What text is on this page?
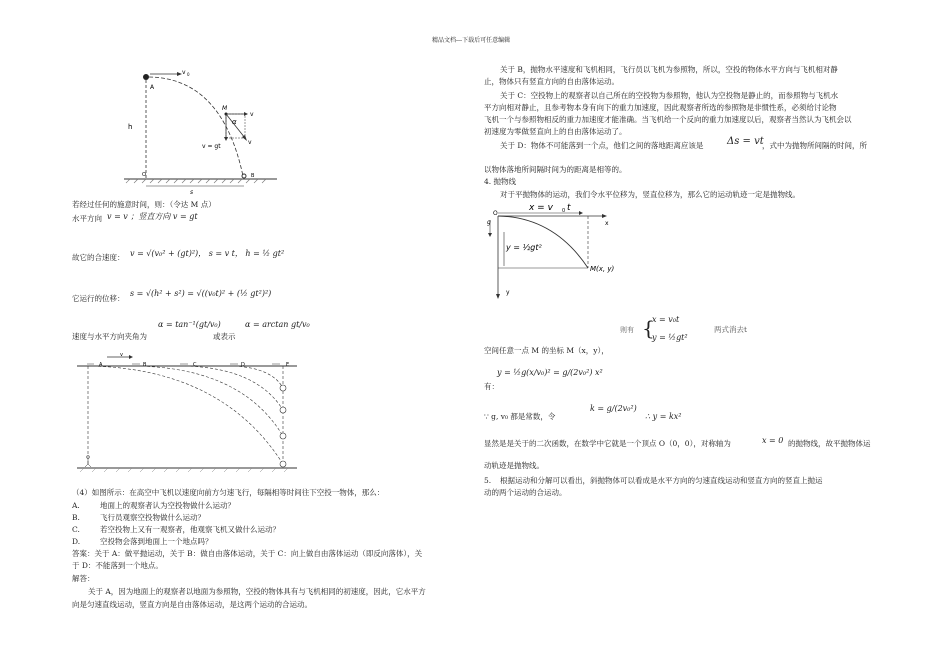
精品文档---下载后可任意编辑
v 0
A
h
M
α
v
v
v = gt
O
s
B
若经过任何的施意时间，则：（令达 M 点）
水平方向 v = v ；竖直方向 v = gt
故它的合速度： v = √(v₀² + (gt)²)， s = v t， h = ½ gt²
它运行的位移：
s = √(h² + s²) = √((v₀t)² + (½ gt²)²)
速度与水平方向夹角为
α = tan⁻¹(gt/v₀)
或表示
α = arctan gt/v₀
v
A	B	C	D	E
（4）如图所示：在高空中飞机以速度向前方匀速飞行，每隔相等时间往下空投一物体，那么：
A.	地面上的观察者认为空投物做什么运动？
B.	飞行员观察空投物做什么运动？
C.	若空投物上又有一观察者，他观察飞机又做什么运动？
D.	空投物会落到地面上一个地点吗？
答案：关于 A：做平抛运动，关于 B：做自由落体运动，关于 C：向上做自由落体运动（即反向落体），关
于 D：不能落到一个地点。
解答：
关于 A，因为地面上的观察者以地面为参照物，空投的物体具有与飞机相同的初速度，因此，它水平方
向是匀速直线运动，竖直方向是自由落体运动，是这两个运动的合运动。
关于 B，抛物水平速度和飞机相同，飞行员以飞机为参照物，所以，空投的物体水平方向与飞机相对静
止，物体只有竖直方向的自由落体运动。
关于 C：空投物上的观察者以自己所在的空投物为参照物，他认为空投物是静止的，而参照物与飞机水
平方向相对静止，且参考物本身有向下的重力加速度，因此观察者所选的参照物是非惯性系，必须给讨论物
飞机一个与参照物相反的重力加速度才能准确。当飞机给一个反向的重力加速度以后，观察者当然认为飞机会以
初速度为零做竖直向上的自由落体运动了。
关于 D：物体不可能落到一个点，他们之间的落地距离应该是 Δs = vt
，式中为抛物所间隔的时间，所
以物体落地所间隔时间为的距离是相等的。
4. 抛物线
对于平抛物体的运动，我们令水平位移为，竖直位移为，那么它的运动轨迹一定是抛物线。
x = v 0 t
x
O
y
g
y = ½gt²
M(x, y)
则有 {
x = v₀t
y = ½gt²
两式消去t
空间任意一点 M 的坐标 M（x，y），
y = ½g(x/v₀)² = g/(2v₀²) x²
有：
∵ g, v₀ 都是常数，令
k = g/(2v₀²)
∴ y = kx²
显然是是关于的二次函数，在数学中它就是一个顶点 O（0，0），对称轴为	x = 0 的抛物线，故平抛物体运
动轨迹是抛物线。
5. 根据运动和分解可以看出，斜抛物体可以看成是水平方向的匀速直线运动和竖直方向的竖直上抛运
动的两个运动的合运动。
